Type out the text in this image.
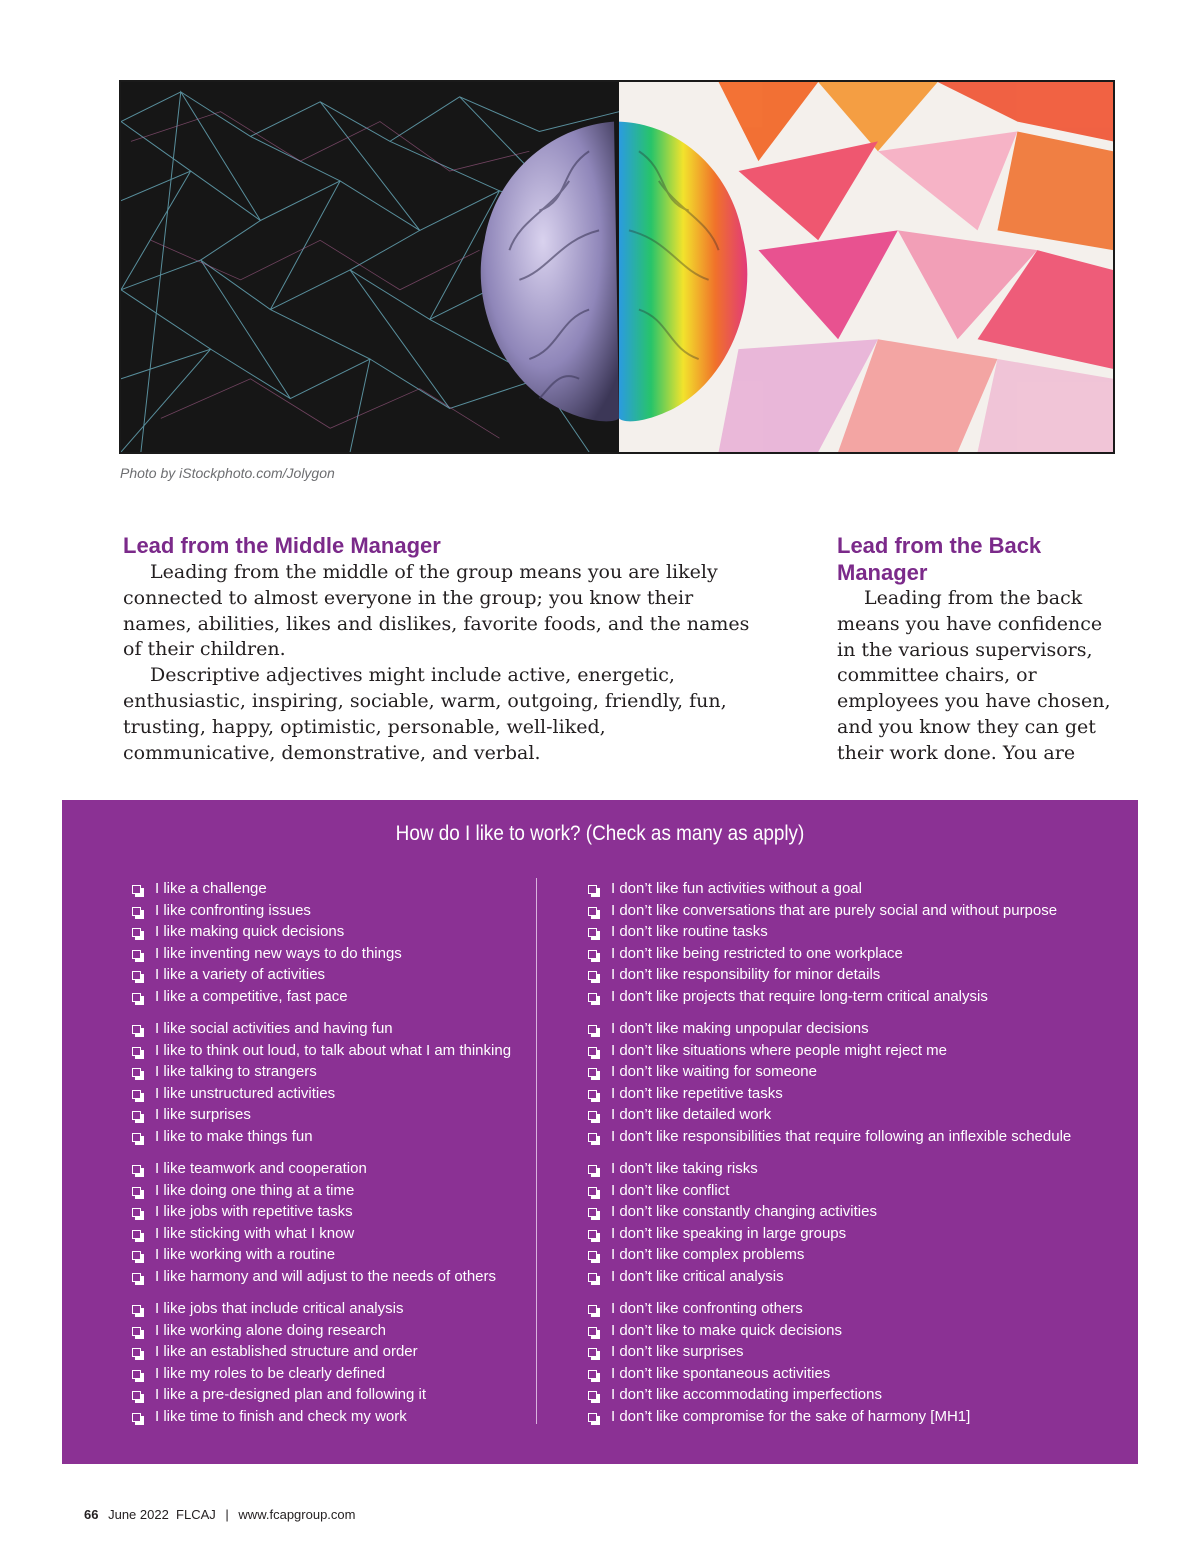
Photo by iStockphoto.com/Jolygon
Lead from the Middle Manager

Leading from the middle of the group means you are likely connected to almost everyone in the group; you know their names, abilities, likes and dislikes, favorite foods, and the names of their children.
Descriptive adjectives might include active, energetic, enthusiastic, inspiring, sociable, warm, outgoing, friendly, fun, trusting, happy, optimistic, personable, well-liked, communicative, demonstrative, and verbal.

Lead from the Back
Manager

Leading from the back means you have confidence in the various supervisors, committee chairs, or employees you have chosen, and you know they can get their work done. You are

How do I like to work? (Check as many as apply)
I like a challenge
I like confronting issues
I like making quick decisions
I like inventing new ways to do things
I like a variety of activities
I like a competitive, fast pace
I like social activities and having fun
I like to think out loud, to talk about what I am thinking
I like talking to strangers
I like unstructured activities
I like surprises
I like to make things fun
I like teamwork and cooperation
I like doing one thing at a time
I like jobs with repetitive tasks
I like sticking with what I know
I like working with a routine
I like harmony and will adjust to the needs of others
I like jobs that include critical analysis
I like working alone doing research
I like an established structure and order
I like my roles to be clearly defined
I like a pre-designed plan and following it
I like time to finish and check my work
I don’t like fun activities without a goal
I don’t like conversations that are purely social and without purpose
I don’t like routine tasks
I don’t like being restricted to one workplace
I don’t like responsibility for minor details
I don’t like projects that require long-term critical analysis
I don’t like making unpopular decisions
I don’t like situations where people might reject me
I don’t like waiting for someone
I don’t like repetitive tasks
I don’t like detailed work
I don’t like responsibilities that require following an inflexible schedule
I don’t like taking risks
I don’t like conflict
I don’t like constantly changing activities
I don’t like speaking in large groups
I don’t like complex problems
I don’t like critical analysis
I don’t like confronting others
I don’t like to make quick decisions
I don’t like surprises
I don’t like spontaneous activities
I don’t like accommodating imperfections
I don’t like compromise for the sake of harmony [MH1]
66 June 2022  FLCAJ | www.fcapgroup.com
